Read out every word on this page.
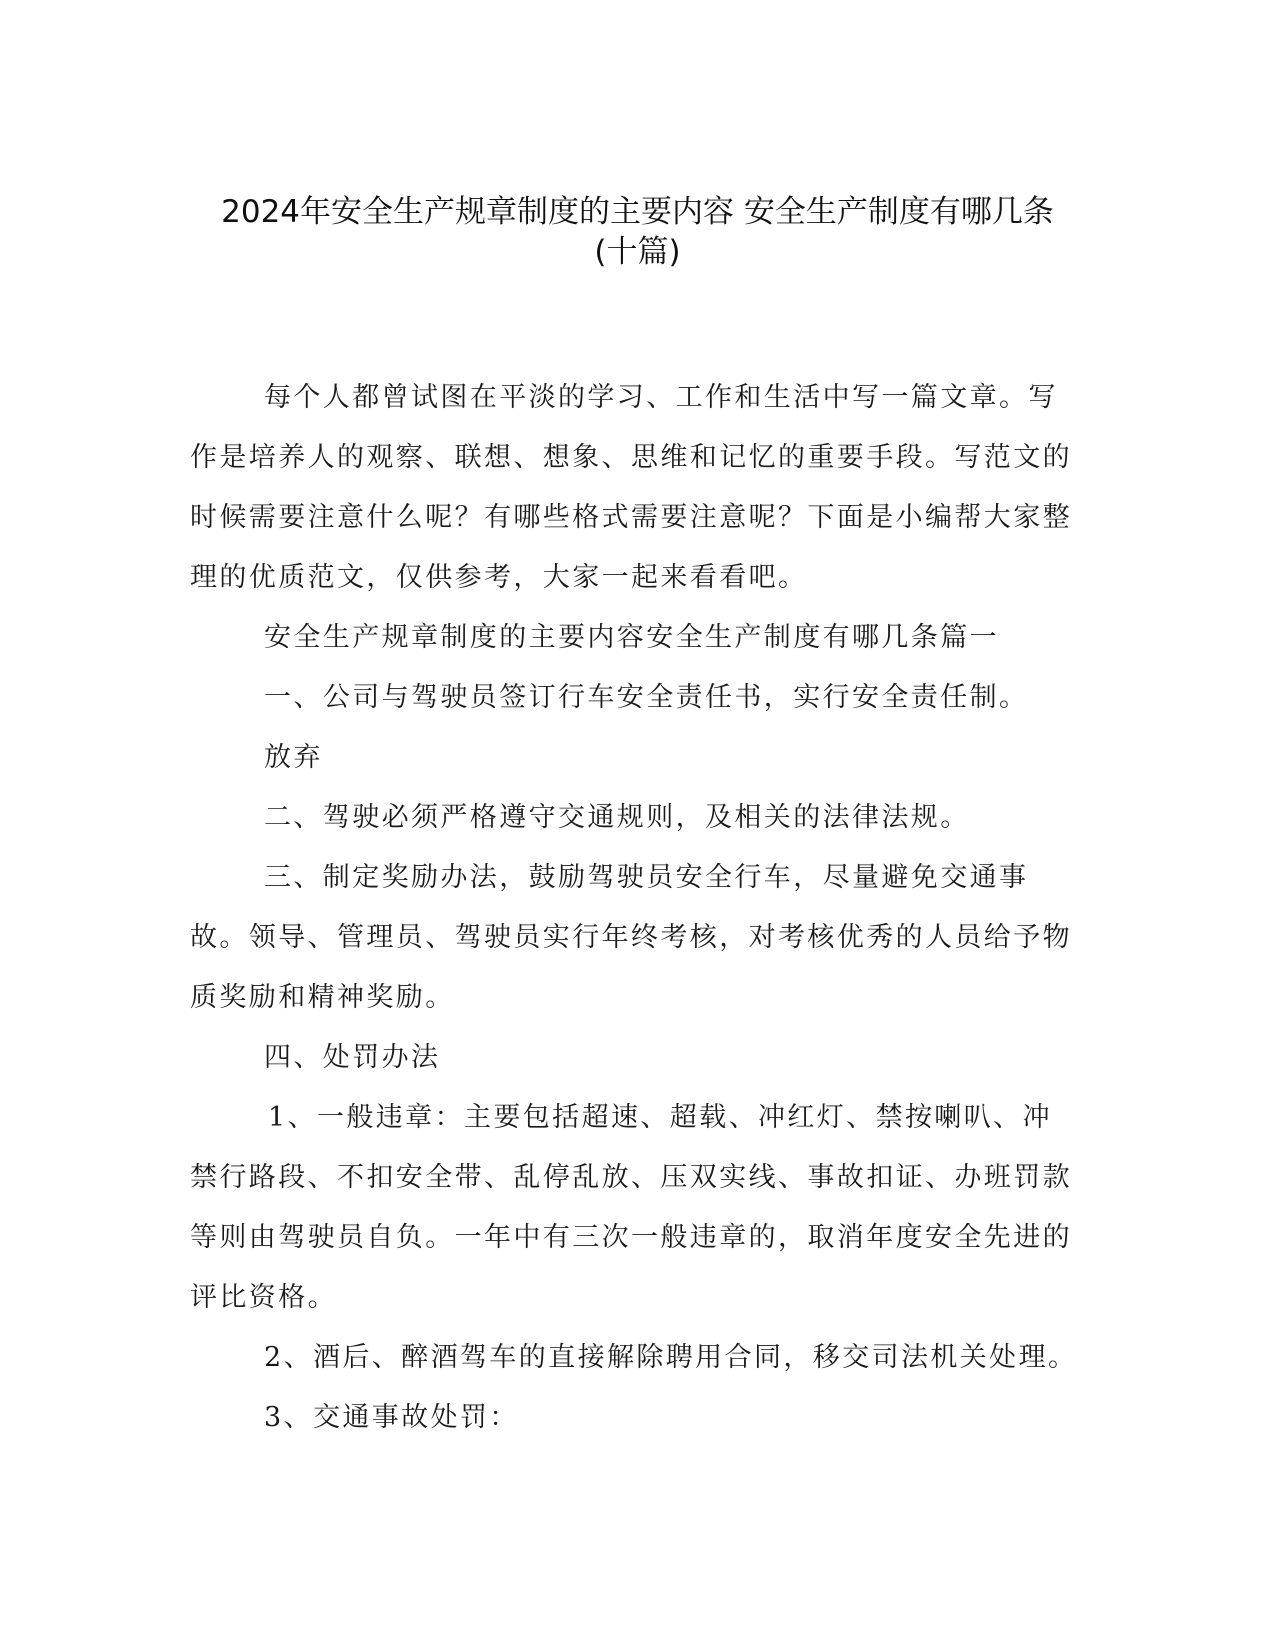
2024年安全生产规章制度的主要内容 安全生产制度有哪几条
(十篇)

每个人都曾试图在平淡的学习、工作和生活中写一篇文章。写作是培养人的观察、联想、想象、思维和记忆的重要手段。写范文的时候需要注意什么呢？有哪些格式需要注意呢？下面是小编帮大家整理的优质范文，仅供参考，大家一起来看看吧。

安全生产规章制度的主要内容安全生产制度有哪几条篇一

一、公司与驾驶员签订行车安全责任书，实行安全责任制。

放弃

二、驾驶必须严格遵守交通规则，及相关的法律法规。

三、制定奖励办法，鼓励驾驶员安全行车，尽量避免交通事故。领导、管理员、驾驶员实行年终考核，对考核优秀的人员给予物质奖励和精神奖励。

四、处罚办法

1、一般违章：主要包括超速、超载、冲红灯、禁按喇叭、冲禁行路段、不扣安全带、乱停乱放、压双实线、事故扣证、办班罚款等则由驾驶员自负。一年中有三次一般违章的，取消年度安全先进的评比资格。

2、酒后、醉酒驾车的直接解除聘用合同，移交司法机关处理。

3、交通事故处罚：
